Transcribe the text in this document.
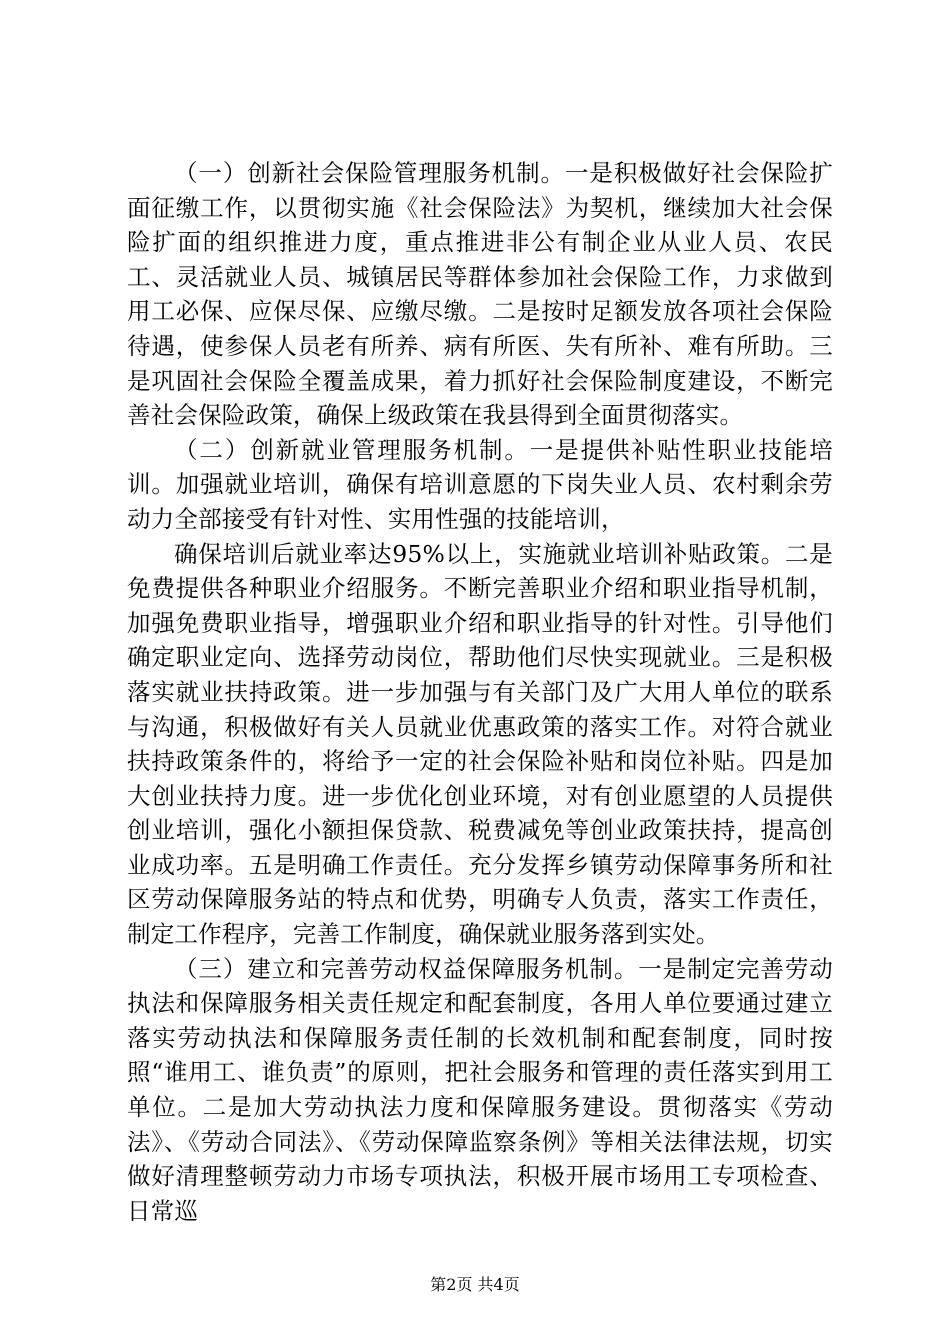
（一）创新社会保险管理服务机制。一是积极做好社会保险扩面征缴工作，以贯彻实施《社会保险法》为契机，继续加大社会保险扩面的组织推进力度，重点推进非公有制企业从业人员、农民工、灵活就业人员、城镇居民等群体参加社会保险工作，力求做到用工必保、应保尽保、应缴尽缴。二是按时足额发放各项社会保险待遇，使参保人员老有所养、病有所医、失有所补、难有所助。三是巩固社会保险全覆盖成果，着力抓好社会保险制度建设，不断完善社会保险政策，确保上级政策在我县得到全面贯彻落实。

（二）创新就业管理服务机制。一是提供补贴性职业技能培训。加强就业培训，确保有培训意愿的下岗失业人员、农村剩余劳动力全部接受有针对性、实用性强的技能培训，

确保培训后就业率达95%以上，实施就业培训补贴政策。二是免费提供各种职业介绍服务。不断完善职业介绍和职业指导机制，加强免费职业指导，增强职业介绍和职业指导的针对性。引导他们确定职业定向、选择劳动岗位，帮助他们尽快实现就业。三是积极落实就业扶持政策。进一步加强与有关部门及广大用人单位的联系与沟通，积极做好有关人员就业优惠政策的落实工作。对符合就业扶持政策条件的，将给予一定的社会保险补贴和岗位补贴。四是加大创业扶持力度。进一步优化创业环境，对有创业愿望的人员提供创业培训，强化小额担保贷款、税费减免等创业政策扶持，提高创业成功率。五是明确工作责任。充分发挥乡镇劳动保障事务所和社区劳动保障服务站的特点和优势，明确专人负责，落实工作责任，制定工作程序，完善工作制度，确保就业服务落到实处。

（三）建立和完善劳动权益保障服务机制。一是制定完善劳动执法和保障服务相关责任规定和配套制度，各用人单位要通过建立落实劳动执法和保障服务责任制的长效机制和配套制度，同时按照“谁用工、谁负责”的原则，把社会服务和管理的责任落实到用工单位。二是加大劳动执法力度和保障服务建设。贯彻落实《劳动法》、《劳动合同法》、《劳动保障监察条例》等相关法律法规，切实做好清理整顿劳动力市场专项执法，积极开展市场用工专项检查、日常巡

第2页 共4页
